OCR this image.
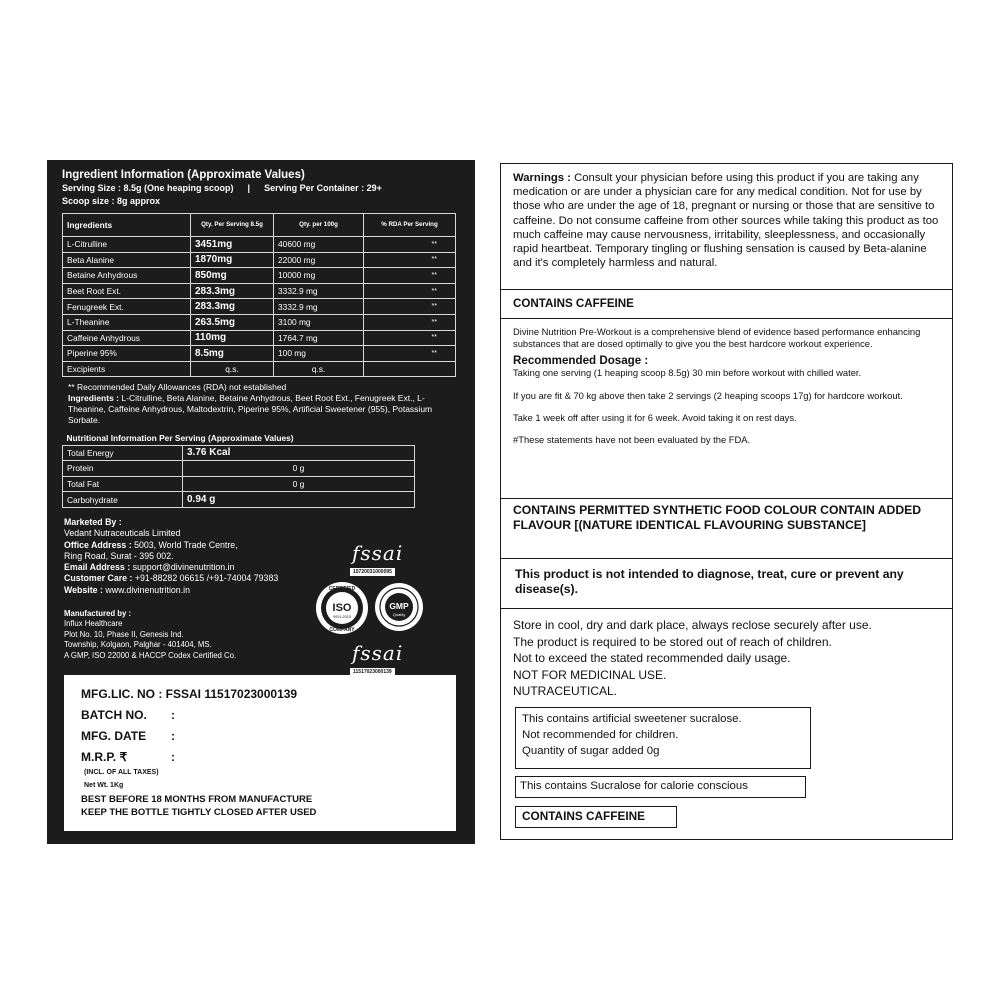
Ingredient Information (Approximate Values)
Serving Size : 8.5g (One heaping scoop) | Serving Per Container : 29+
Scoop size : 8g approx
Ingredients	Qty. Per Serving 8.5g	Qty. per 100g	% RDA Per Serving
L-Citrulline	3451mg	40600 mg	**
Beta Alanine	1870mg	22000 mg	**
Betaine Anhydrous	850mg	10000 mg	**
Beet Root Ext.	283.3mg	3332.9 mg	**
Fenugreek Ext.	283.3mg	3332.9 mg	**
L-Theanine	263.5mg	3100 mg	**
Caffeine Anhydrous	110mg	1764.7 mg	**
Piperine 95%	8.5mg	100 mg	**
Excipients	q.s.	q.s.	
** Recommended Daily Allowances (RDA) not established
Ingredients : L-Citrulline, Beta Alanine, Betaine Anhydrous, Beet Root Ext., Fenugreek Ext., L-Theanine, Caffeine Anhydrous, Maltodextrin, Piperine 95%, Artificial Sweetener (955), Potassium Sorbate.
Nutritional Information Per Serving (Approximate Values)	
Total Energy	3.76 Kcal
Protein	0 g
Total Fat	0 g
Carbohydrate	0.94 g
Marketed By :
Vedant Nutraceuticals Limited
Office Address : 5003, World Trade Centre,
Ring Road, Surat - 395 002.
Email Address : support@divinenutrition.in
Customer Care : +91-88282 06615 /+91-74004 79383
Website : www.divinenutrition.in
Manufactured by :
Influx Healthcare
Plot No. 10, Phase II, Genesis Ind.
Township, Kolgaon, Palghar - 401404, MS.
A GMP, ISO 22000 & HACCP Codex Certified Co.
fssai
10720031000095
CERTIFIED
ISO
9001:2015
COMPANY
GMP
Quality
fssai
11517023000139
MFG.LIC. NO : FSSAI 11517023000139
BATCH NO. :
MFG. DATE :
M.R.P. ₹	:
(INCL. OF ALL TAXES)
Net Wt. 1Kg
BEST BEFORE 18 MONTHS FROM MANUFACTURE
KEEP THE BOTTLE TIGHTLY CLOSED AFTER USED
Warnings : Consult your physician before using this product if you are taking any medication or are under a physician care for any medical condition. Not for use by those who are under the age of 18, pregnant or nursing or those that are sensitive to caffeine. Do not consume caffeine from other sources while taking this product as too much caffeine may cause nervousness, irritability, sleeplessness, and occasionally rapid heartbeat. Temporary tingling or flushing sensation is caused by Beta-alanine and it's completely harmless and natural.
CONTAINS CAFFEINE
Divine Nutrition Pre-Workout is a comprehensive blend of evidence based performance enhancing substances that are dosed optimally to give you the best hardcore workout experience.
Recommended Dosage :
Taking one serving (1 heaping scoop 8.5g) 30 min before workout with chilled water.
If you are fit & 70 kg above then take 2 servings (2 heaping scoops 17g) for hardcore workout.
Take 1 week off after using it for 6 week. Avoid taking it on rest days.
#These statements have not been evaluated by the FDA.
CONTAINS PERMITTED SYNTHETIC FOOD COLOUR CONTAIN ADDED FLAVOUR [(NATURE IDENTICAL FLAVOURING SUBSTANCE]
This product is not intended to diagnose, treat, cure or prevent any disease(s).
Store in cool, dry and dark place, always reclose securely after use.
The product is required to be stored out of reach of children.
Not to exceed the stated recommended daily usage.
NOT FOR MEDICINAL USE.
NUTRACEUTICAL.
This contains artificial sweetener sucralose.
Not recommended for children.
Quantity of sugar added 0g
This contains Sucralose for calorie conscious
CONTAINS CAFFEINE
